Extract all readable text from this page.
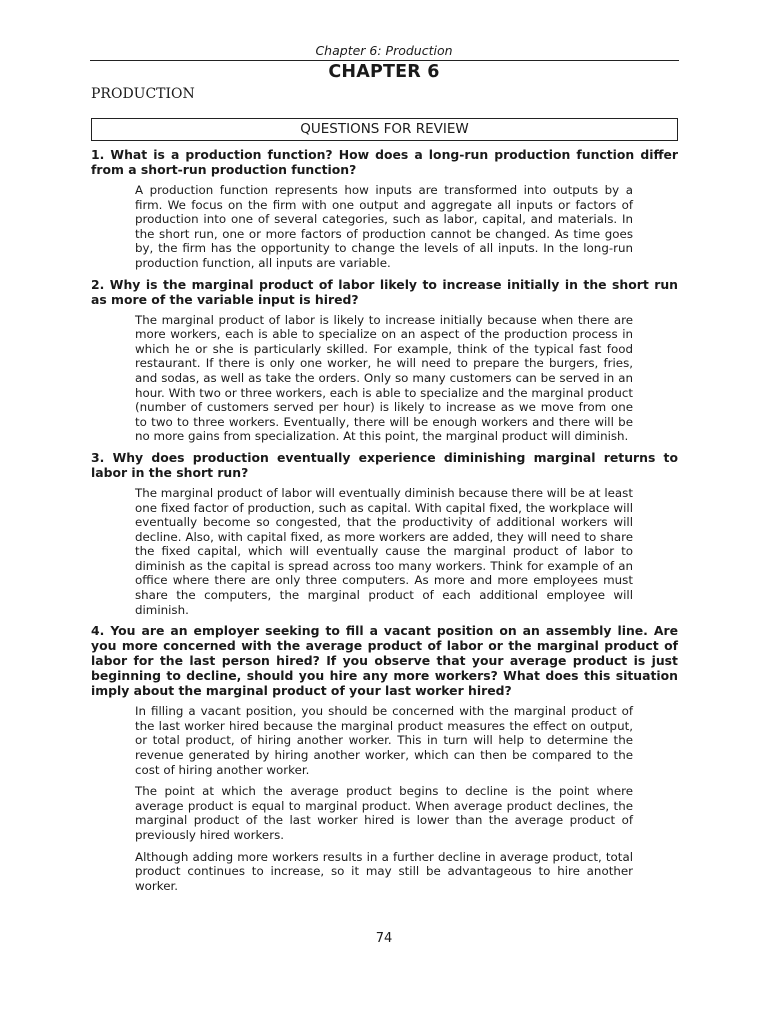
Chapter 6: Production
CHAPTER 6
PRODUCTION
QUESTIONS FOR REVIEW

1. What is a production function? How does a long-run production function differ from a short-run production function?

A production function represents how inputs are transformed into outputs by a firm. We focus on the firm with one output and aggregate all inputs or factors of production into one of several categories, such as labor, capital, and materials. In the short run, one or more factors of production cannot be changed. As time goes by, the firm has the opportunity to change the levels of all inputs. In the long-run production function, all inputs are variable.

2. Why is the marginal product of labor likely to increase initially in the short run as more of the variable input is hired?

The marginal product of labor is likely to increase initially because when there are more workers, each is able to specialize on an aspect of the production process in which he or she is particularly skilled. For example, think of the typical fast food restaurant. If there is only one worker, he will need to prepare the burgers, fries, and sodas, as well as take the orders. Only so many customers can be served in an hour. With two or three workers, each is able to specialize and the marginal product (number of customers served per hour) is likely to increase as we move from one to two to three workers. Eventually, there will be enough workers and there will be no more gains from specialization. At this point, the marginal product will diminish.

3. Why does production eventually experience diminishing marginal returns to labor in the short run?

The marginal product of labor will eventually diminish because there will be at least one fixed factor of production, such as capital. With capital fixed, the workplace will eventually become so congested, that the productivity of additional workers will decline. Also, with capital fixed, as more workers are added, they will need to share the fixed capital, which will eventually cause the marginal product of labor to diminish as the capital is spread across too many workers. Think for example of an office where there are only three computers. As more and more employees must share the computers, the marginal product of each additional employee will diminish.

4. You are an employer seeking to fill a vacant position on an assembly line. Are you more concerned with the average product of labor or the marginal product of labor for the last person hired? If you observe that your average product is just beginning to decline, should you hire any more workers? What does this situation imply about the marginal product of your last worker hired?

In filling a vacant position, you should be concerned with the marginal product of the last worker hired because the marginal product measures the effect on output, or total product, of hiring another worker. This in turn will help to determine the revenue generated by hiring another worker, which can then be compared to the cost of hiring another worker.

The point at which the average product begins to decline is the point where average product is equal to marginal product. When average product declines, the marginal product of the last worker hired is lower than the average product of previously hired workers.

Although adding more workers results in a further decline in average product, total product continues to increase, so it may still be advantageous to hire another worker.

74
